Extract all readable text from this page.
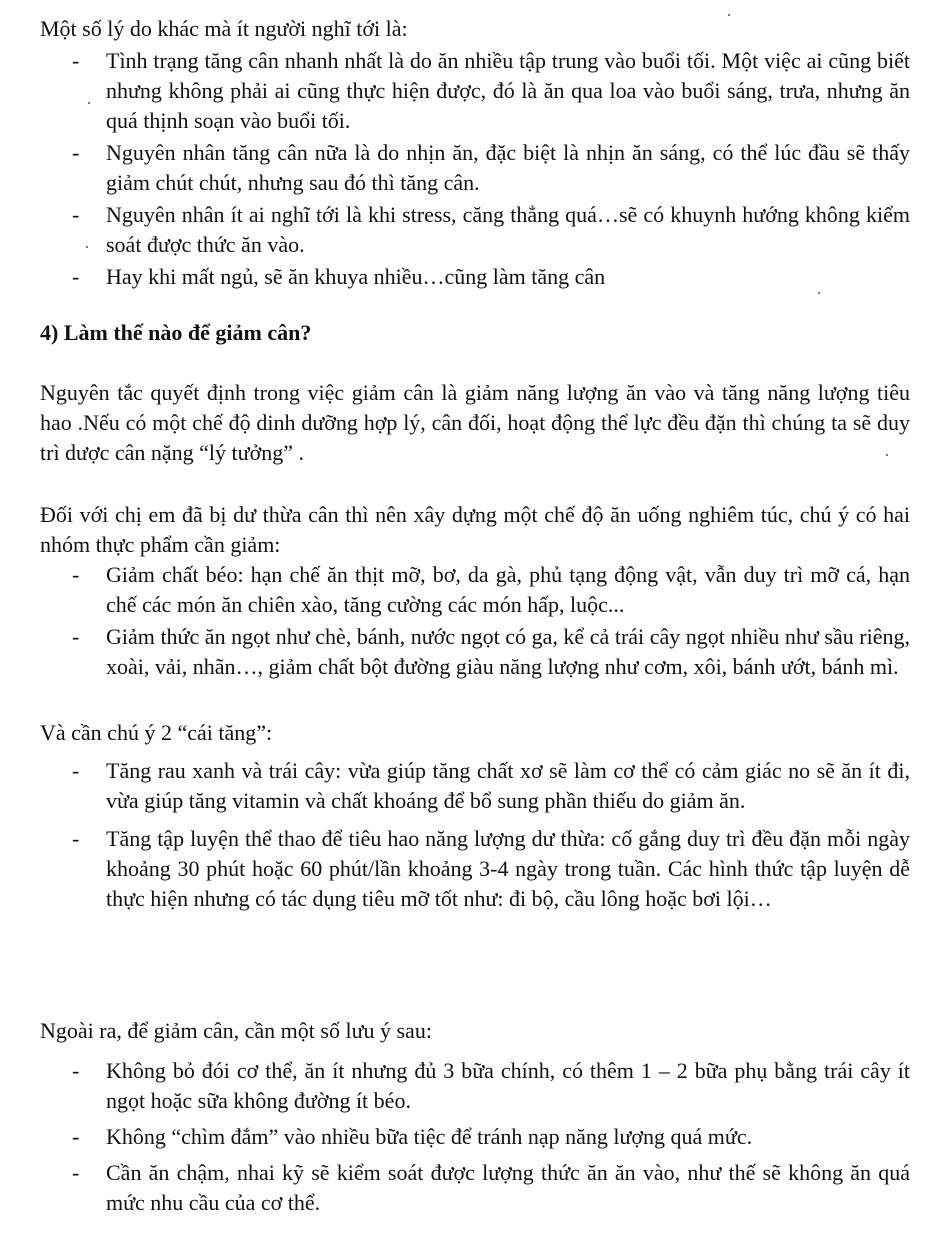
Một số lý do khác mà ít người nghĩ tới là:
- Tình trạng tăng cân nhanh nhất là do ăn nhiều tập trung vào buổi tối. Một việc ai cũng biết nhưng không phải ai cũng thực hiện được, đó là ăn qua loa vào buổi sáng, trưa, nhưng ăn quá thịnh soạn vào buổi tối.
- Nguyên nhân tăng cân nữa là do nhịn ăn, đặc biệt là nhịn ăn sáng, có thể lúc đầu sẽ thấy giảm chút chút, nhưng sau đó thì tăng cân.
- Nguyên nhân ít ai nghĩ tới là khi stress, căng thẳng quá…sẽ có khuynh hướng không kiểm soát được thức ăn vào.
- Hay khi mất ngủ, sẽ ăn khuya nhiều…cũng làm tăng cân
4) Làm thế nào để giảm cân?
Nguyên tắc quyết định trong việc giảm cân là giảm năng lượng ăn vào và tăng năng lượng tiêu hao .Nếu có một chế độ dinh dưỡng hợp lý, cân đối, hoạt động thể lực đều đặn thì chúng ta sẽ duy trì dược cân nặng “lý tưởng” .
Đối với chị em đã bị dư thừa cân thì nên xây dựng một chế độ ăn uống nghiêm túc, chú ý có hai nhóm thực phẩm cần giảm:
- Giảm chất béo: hạn chế ăn thịt mỡ, bơ, da gà, phủ tạng động vật, vẫn duy trì mỡ cá, hạn chế các món ăn chiên xào, tăng cường các món hấp, luộc...
- Giảm thức ăn ngọt như chè, bánh, nước ngọt có ga, kể cả trái cây ngọt nhiều như sầu riêng, xoài, vải, nhãn…, giảm chất bột đường giàu năng lượng như cơm, xôi, bánh ướt, bánh mì.
Và cần chú ý 2 “cái tăng”:
- Tăng rau xanh và trái cây: vừa giúp tăng chất xơ sẽ làm cơ thể có cảm giác no sẽ ăn ít đi, vừa giúp tăng vitamin và chất khoáng để bổ sung phần thiếu do giảm ăn.
- Tăng tập luyện thể thao để tiêu hao năng lượng dư thừa: cố gắng duy trì đều đặn mỗi ngày khoảng 30 phút hoặc 60 phút/lần khoảng 3-4 ngày trong tuần. Các hình thức tập luyện dễ thực hiện nhưng có tác dụng tiêu mỡ tốt như: đi bộ, cầu lông hoặc bơi lội…
Ngoài ra, để giảm cân, cần một số lưu ý sau:
- Không bỏ đói cơ thể, ăn ít nhưng đủ 3 bữa chính, có thêm 1 – 2 bữa phụ bằng trái cây ít ngọt hoặc sữa không đường ít béo.
- Không “chìm đắm” vào nhiều bữa tiệc để tránh nạp năng lượng quá mức.
- Cần ăn chậm, nhai kỹ sẽ kiểm soát được lượng thức ăn ăn vào, như thế sẽ không ăn quá mức nhu cầu của cơ thể.
